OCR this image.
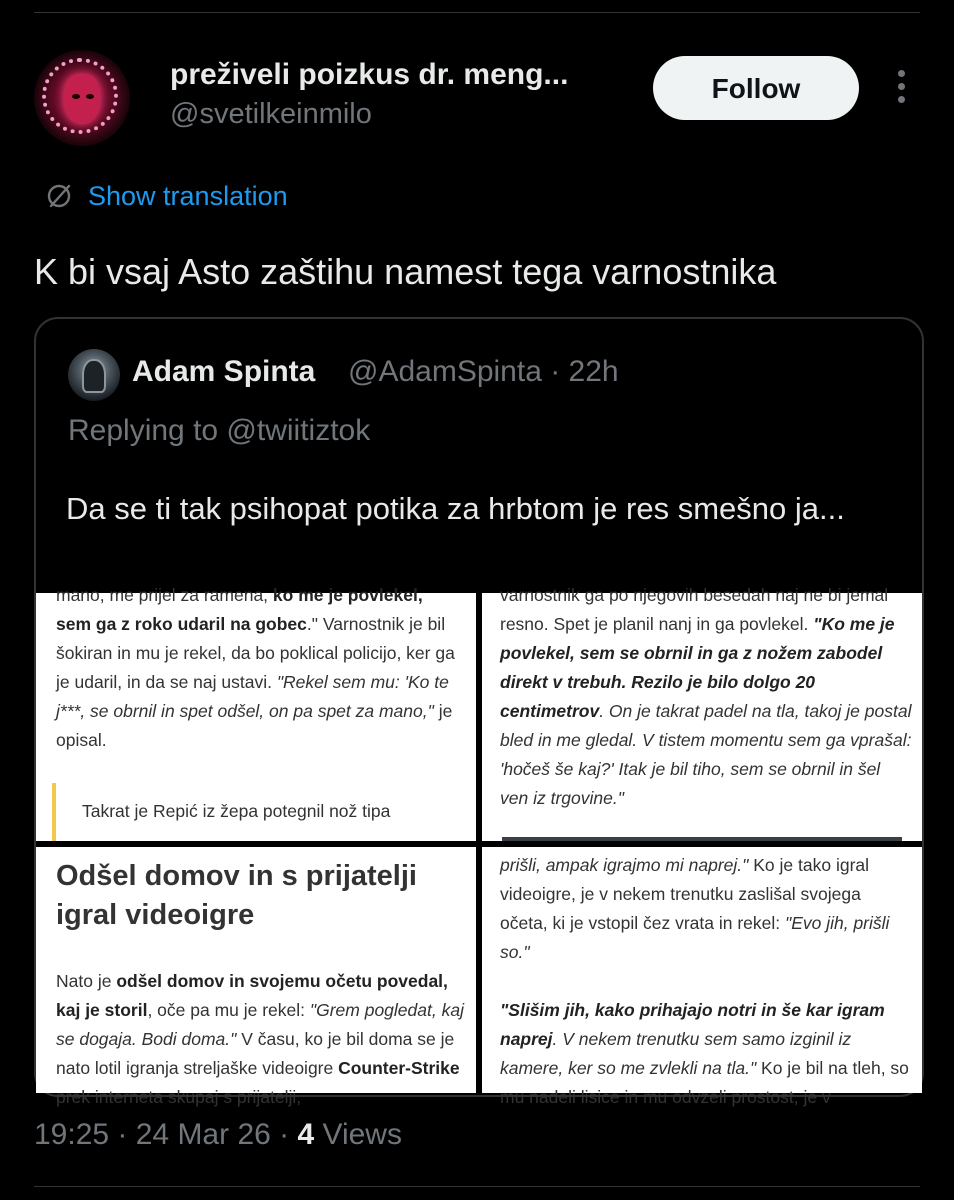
preživeli poizkus dr. meng...
@svetilkeinmilo
Follow
Show translation
K bi vsaj Asto zaštihu namest tega varnostnika
Adam Spinta @AdamSpinta · 22h
Replying to @twiitiztok
Da se ti tak psihopat potika za hrbtom je res smešno ja...

mano, me prijel za ramena, ko me je povlekel, sem ga z roko udaril na gobec." Varnostnik je bil šokiran in mu je rekel, da bo poklical policijo, ker ga je udaril, in da se naj ustavi. "Rekel sem mu: 'Ko te j***, se obrnil in spet odšel, on pa spet za mano," je opisal.

Takrat je Repić iz žepa potegnil nož tipa

varnostnik ga po njegovih besedah naj ne bi jemal resno. Spet je planil nanj in ga povlekel. "Ko me je povlekel, sem se obrnil in ga z nožem zabodel direkt v trebuh. Rezilo je bilo dolgo 20 centimetrov. On je takrat padel na tla, takoj je postal bled in me gledal. V tistem momentu sem ga vprašal: 'hočeš še kaj?' Itak je bil tiho, sem se obrnil in šel ven iz trgovine."

Odšel domov in s prijatelji igral videoigre

Nato je odšel domov in svojemu očetu povedal, kaj je storil, oče pa mu je rekel: "Grem pogledat, kaj se dogaja. Bodi doma." V času, ko je bil doma se je nato lotil igranja streljaške videoigre Counter-Strike prek interneta skupaj s prijatelji,

prišli, ampak igrajmo mi naprej." Ko je tako igral videoigre, je v nekem trenutku zaslišal svojega očeta, ki je vstopil čez vrata in rekel: "Evo jih, prišli so."

"Slišim jih, kako prihajajo notri in še kar igram naprej. V nekem trenutku sem samo izginil iz kamere, ker so me zvlekli na tla." Ko je bil na tleh, so mu nadeli lisice in mu odvzeli prostost, je v

19:25 · 24 Mar 26 · 4 Views
